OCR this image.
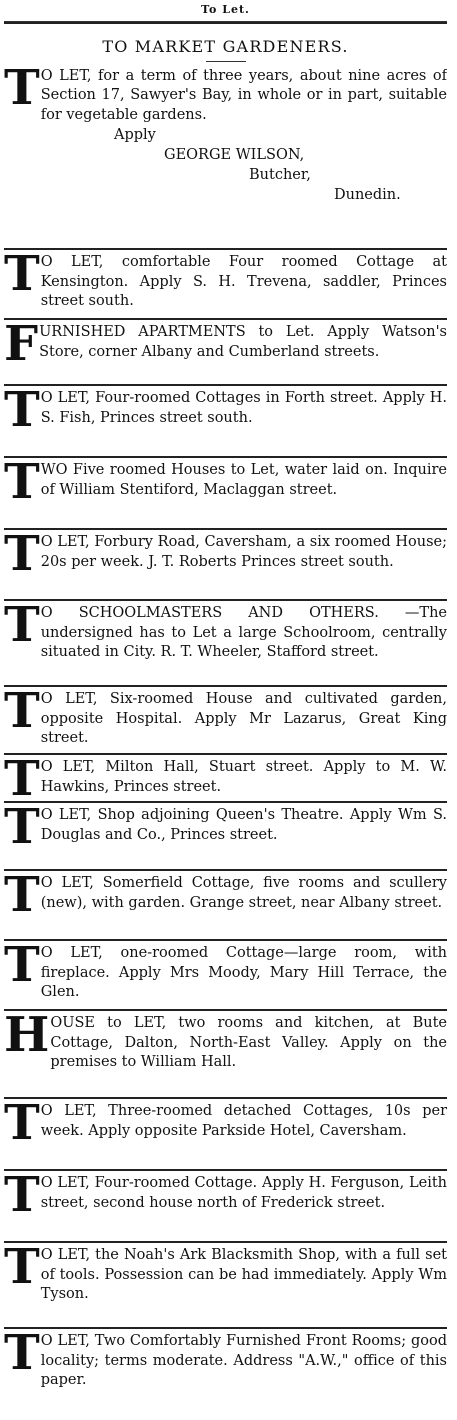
To Let.
TO MARKET GARDENERS.
T O LET, for a term of three years, about nine acres of Section 17, Sawyer's Bay, in whole or in part, suitable for vegetable gardens.
Apply
GEORGE WILSON,
Butcher,
Dunedin.
T O LET, comfortable Four roomed Cottage at Kensington. Apply S. H. Trevena, saddler, Princes street south.
F URNISHED APARTMENTS to Let. Apply Watson's Store, corner Albany and Cumberland streets.
T O LET, Four-roomed Cottages in Forth street. Apply H. S. Fish, Princes street south.
T WO Five roomed Houses to Let, water laid on. Inquire of William Stentiford, Maclaggan street.
T O LET, Forbury Road, Caversham, a six roomed House; 20s per week. J. T. Roberts Princes street south.
T O SCHOOLMASTERS AND OTHERS. —The undersigned has to Let a large Schoolroom, centrally situated in City. R. T. Wheeler, Stafford street.
T O LET, Six-roomed House and cultivated garden, opposite Hospital. Apply Mr Lazarus, Great King street.
T O LET, Milton Hall, Stuart street. Apply to M. W. Hawkins, Princes street.
T O LET, Shop adjoining Queen's Theatre. Apply Wm S. Douglas and Co., Princes street.
T O LET, Somerfield Cottage, five rooms and scullery (new), with garden. Grange street, near Albany street.
T O LET, one-roomed Cottage—large room, with fireplace. Apply Mrs Moody, Mary Hill Terrace, the Glen.
H OUSE to LET, two rooms and kitchen, at Bute Cottage, Dalton, North-East Valley. Apply on the premises to William Hall.
T O LET, Three-roomed detached Cottages, 10s per week. Apply opposite Parkside Hotel, Caversham.
T O LET, Four-roomed Cottage. Apply H. Ferguson, Leith street, second house north of Frederick street.
T O LET, the Noah's Ark Blacksmith Shop, with a full set of tools. Possession can be had immediately. Apply Wm Tyson.
T O LET, Two Comfortably Furnished Front Rooms; good locality; terms moderate. Address "A.W.," office of this paper.
